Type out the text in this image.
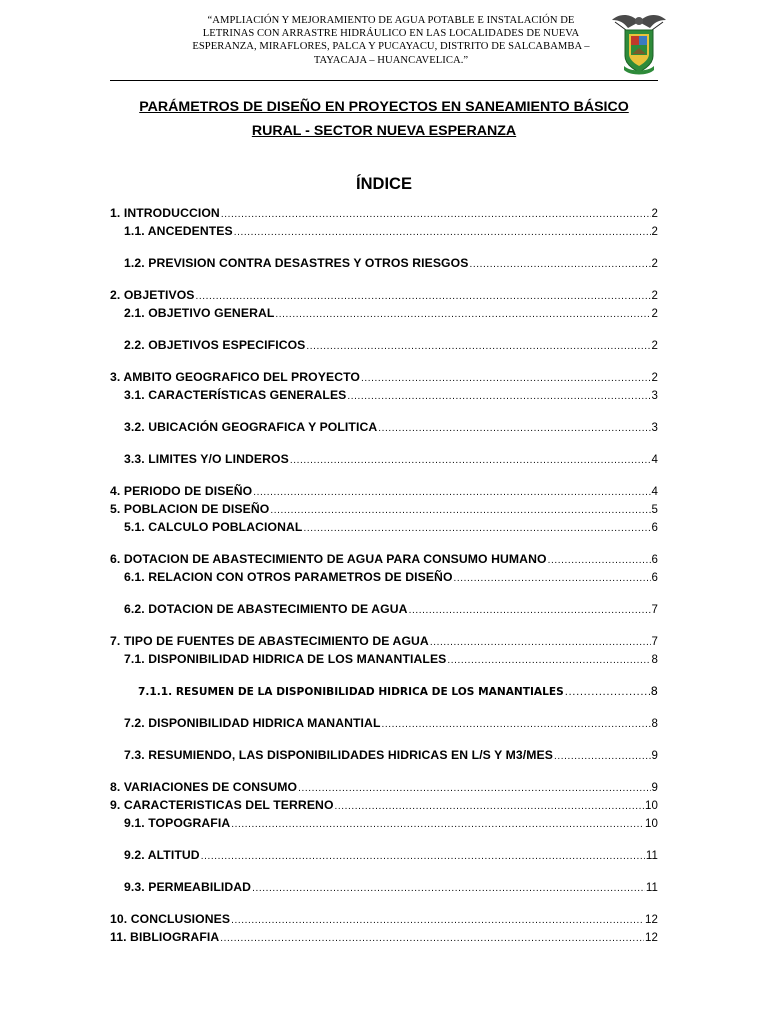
“AMPLIACIÓN Y MEJORAMIENTO DE AGUA POTABLE E INSTALACIÓN DE
LETRINAS CON ARRASTRE HIDRÁULICO EN LAS LOCALIDADES DE NUEVA
ESPERANZA, MIRAFLORES, PALCA Y PUCAYACU, DISTRITO DE SALCABAMBA –
TAYACAJA – HUANCAVELICA.”
PARÁMETROS DE DISEÑO EN PROYECTOS EN SANEAMIENTO BÁSICO
RURAL - SECTOR NUEVA ESPERANZA
ÍNDICE
1. INTRODUCCION .....	2
1.1. ANCEDENTES .....	2
1.2. PREVISION CONTRA DESASTRES Y OTROS RIESGOS .....	2
2. OBJETIVOS .....	2
2.1. OBJETIVO GENERAL .....	2
2.2. OBJETIVOS ESPECIFICOS .....	2
3. AMBITO GEOGRAFICO DEL PROYECTO .....	2
3.1. CARACTERÍSTICAS GENERALES .....	3
3.2. UBICACIÓN GEOGRAFICA Y POLITICA .....	3
3.3. LIMITES Y/O LINDEROS .....	4
4. PERIODO DE DISEÑO .....	4
5. POBLACION DE DISEÑO .....	5
5.1. CALCULO POBLACIONAL .....	6
6. DOTACION DE ABASTECIMIENTO DE AGUA PARA CONSUMO HUMANO .....	6
6.1. RELACION CON OTROS PARAMETROS DE DISEÑO .....	6
6.2. DOTACION DE ABASTECIMIENTO DE AGUA .....	7
7. TIPO DE FUENTES DE ABASTECIMIENTO DE AGUA .....	7
7.1. DISPONIBILIDAD HIDRICA DE LOS MANANTIALES .....	8
7.1.1. RESUMEN DE LA DISPONIBILIDAD HIDRICA DE LOS MANANTIALES .....	8
7.2. DISPONIBILIDAD HIDRICA MANANTIAL .....	8
7.3. RESUMIENDO, LAS DISPONIBILIDADES HIDRICAS EN L/S Y M3/MES .....	9
8. VARIACIONES DE CONSUMO .....	9
9. CARACTERISTICAS DEL TERRENO .....	10
9.1. TOPOGRAFIA .....	10
9.2. ALTITUD .....	11
9.3. PERMEABILIDAD .....	11
10. CONCLUSIONES .....	12
11. BIBLIOGRAFIA .....	12
